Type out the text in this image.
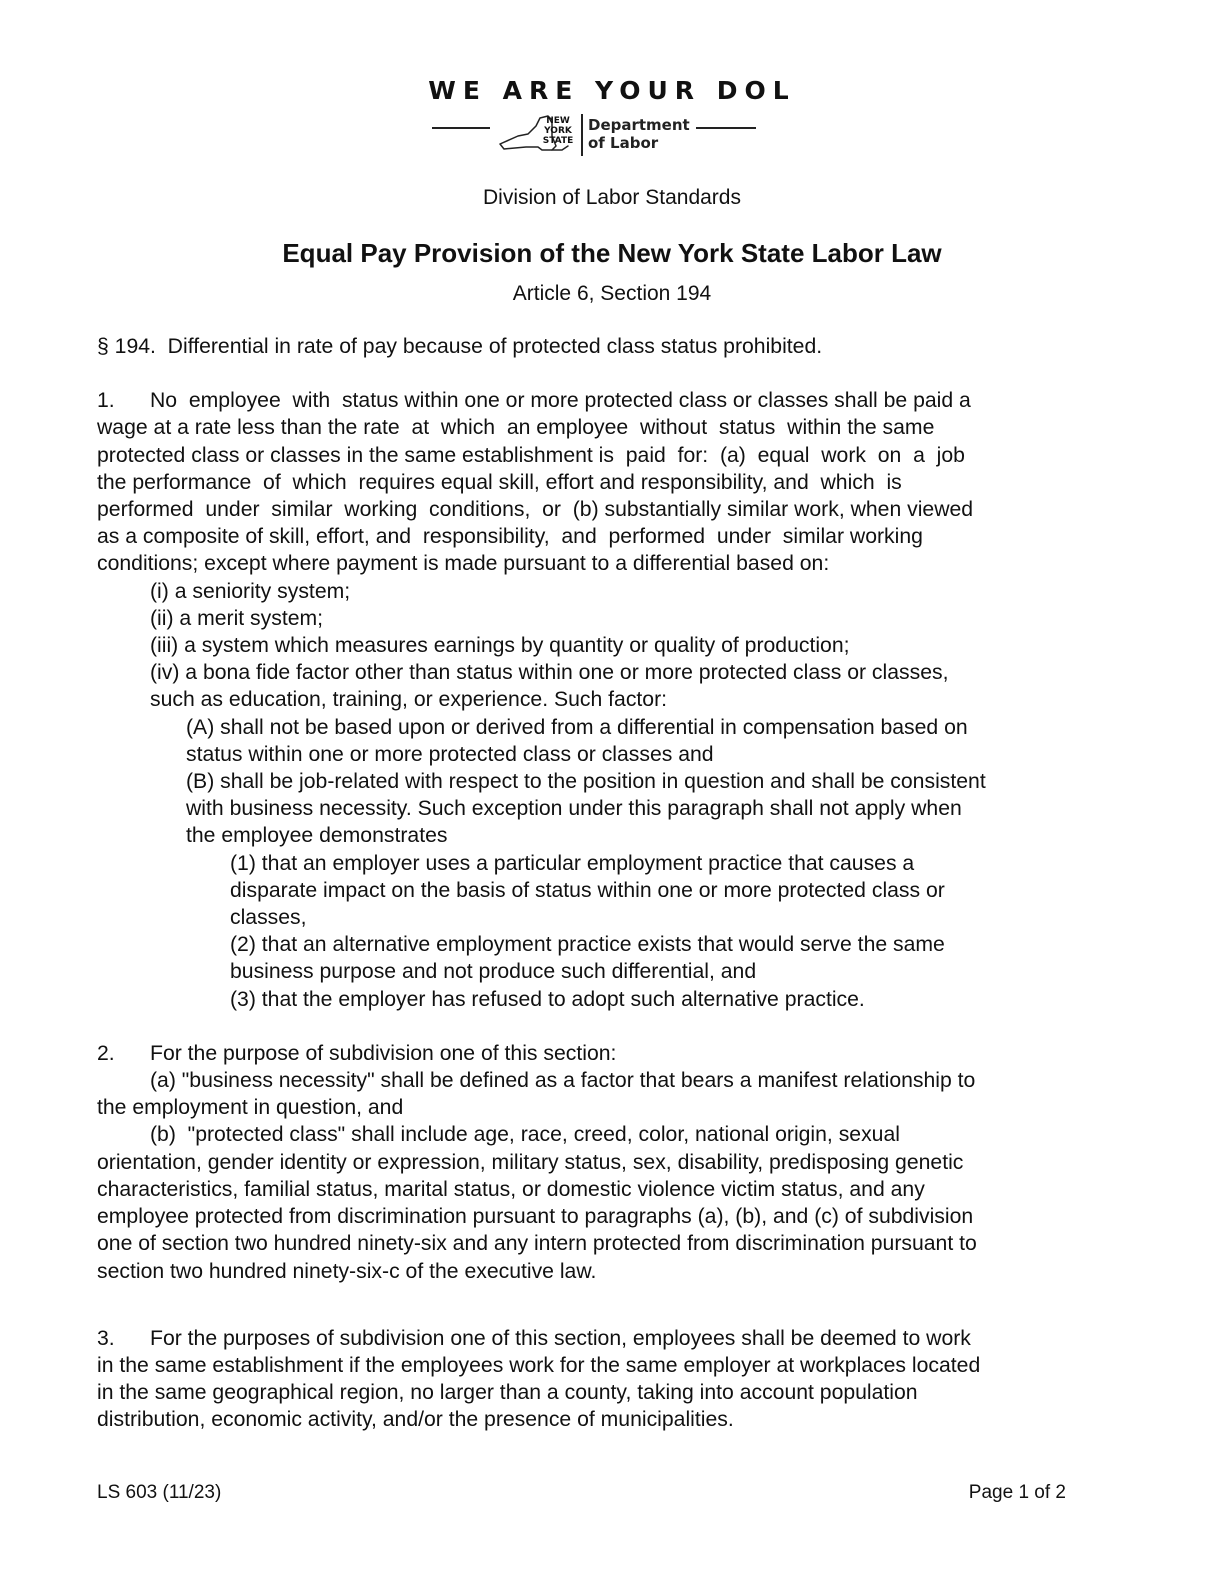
WE ARE YOUR DOL
NEW
YORK
STATE
Department
of Labor
Division of Labor Standards
Equal Pay Provision of the New York State Labor Law
Article 6, Section 194
§ 194.  Differential in rate of pay because of protected class status prohibited.
1. No  employee  with  status within one or more protected class or classes shall be paid a
wage at a rate less than the rate  at  which  an employee  without  status  within the same
protected class or classes in the same establishment is  paid  for:  (a)  equal  work  on  a  job
the performance  of  which  requires equal skill, effort and responsibility, and  which  is
performed  under  similar  working  conditions,  or  (b) substantially similar work, when viewed
as a composite of skill, effort, and  responsibility,  and  performed  under  similar working
conditions; except where payment is made pursuant to a differential based on:
(i) a seniority system;
(ii) a merit system;
(iii) a system which measures earnings by quantity or quality of production;
(iv) a bona fide factor other than status within one or more protected class or classes,
such as education, training, or experience. Such factor:
(A) shall not be based upon or derived from a differential in compensation based on
status within one or more protected class or classes and
(B) shall be job-related with respect to the position in question and shall be consistent
with business necessity. Such exception under this paragraph shall not apply when
the employee demonstrates
(1) that an employer uses a particular employment practice that causes a
disparate impact on the basis of status within one or more protected class or
classes,
(2) that an alternative employment practice exists that would serve the same
business purpose and not produce such differential, and
(3) that the employer has refused to adopt such alternative practice.
2. For the purpose of subdivision one of this section:
(a) "business necessity" shall be defined as a factor that bears a manifest relationship to
the employment in question, and
(b)  "protected class" shall include age, race, creed, color, national origin, sexual
orientation, gender identity or expression, military status, sex, disability, predisposing genetic
characteristics, familial status, marital status, or domestic violence victim status, and any
employee protected from discrimination pursuant to paragraphs (a), (b), and (c) of subdivision
one of section two hundred ninety-six and any intern protected from discrimination pursuant to
section two hundred ninety-six-c of the executive law.
3. For the purposes of subdivision one of this section, employees shall be deemed to work
in the same establishment if the employees work for the same employer at workplaces located
in the same geographical region, no larger than a county, taking into account population
distribution, economic activity, and/or the presence of municipalities.
LS 603 (11/23)	Page 1 of 2
